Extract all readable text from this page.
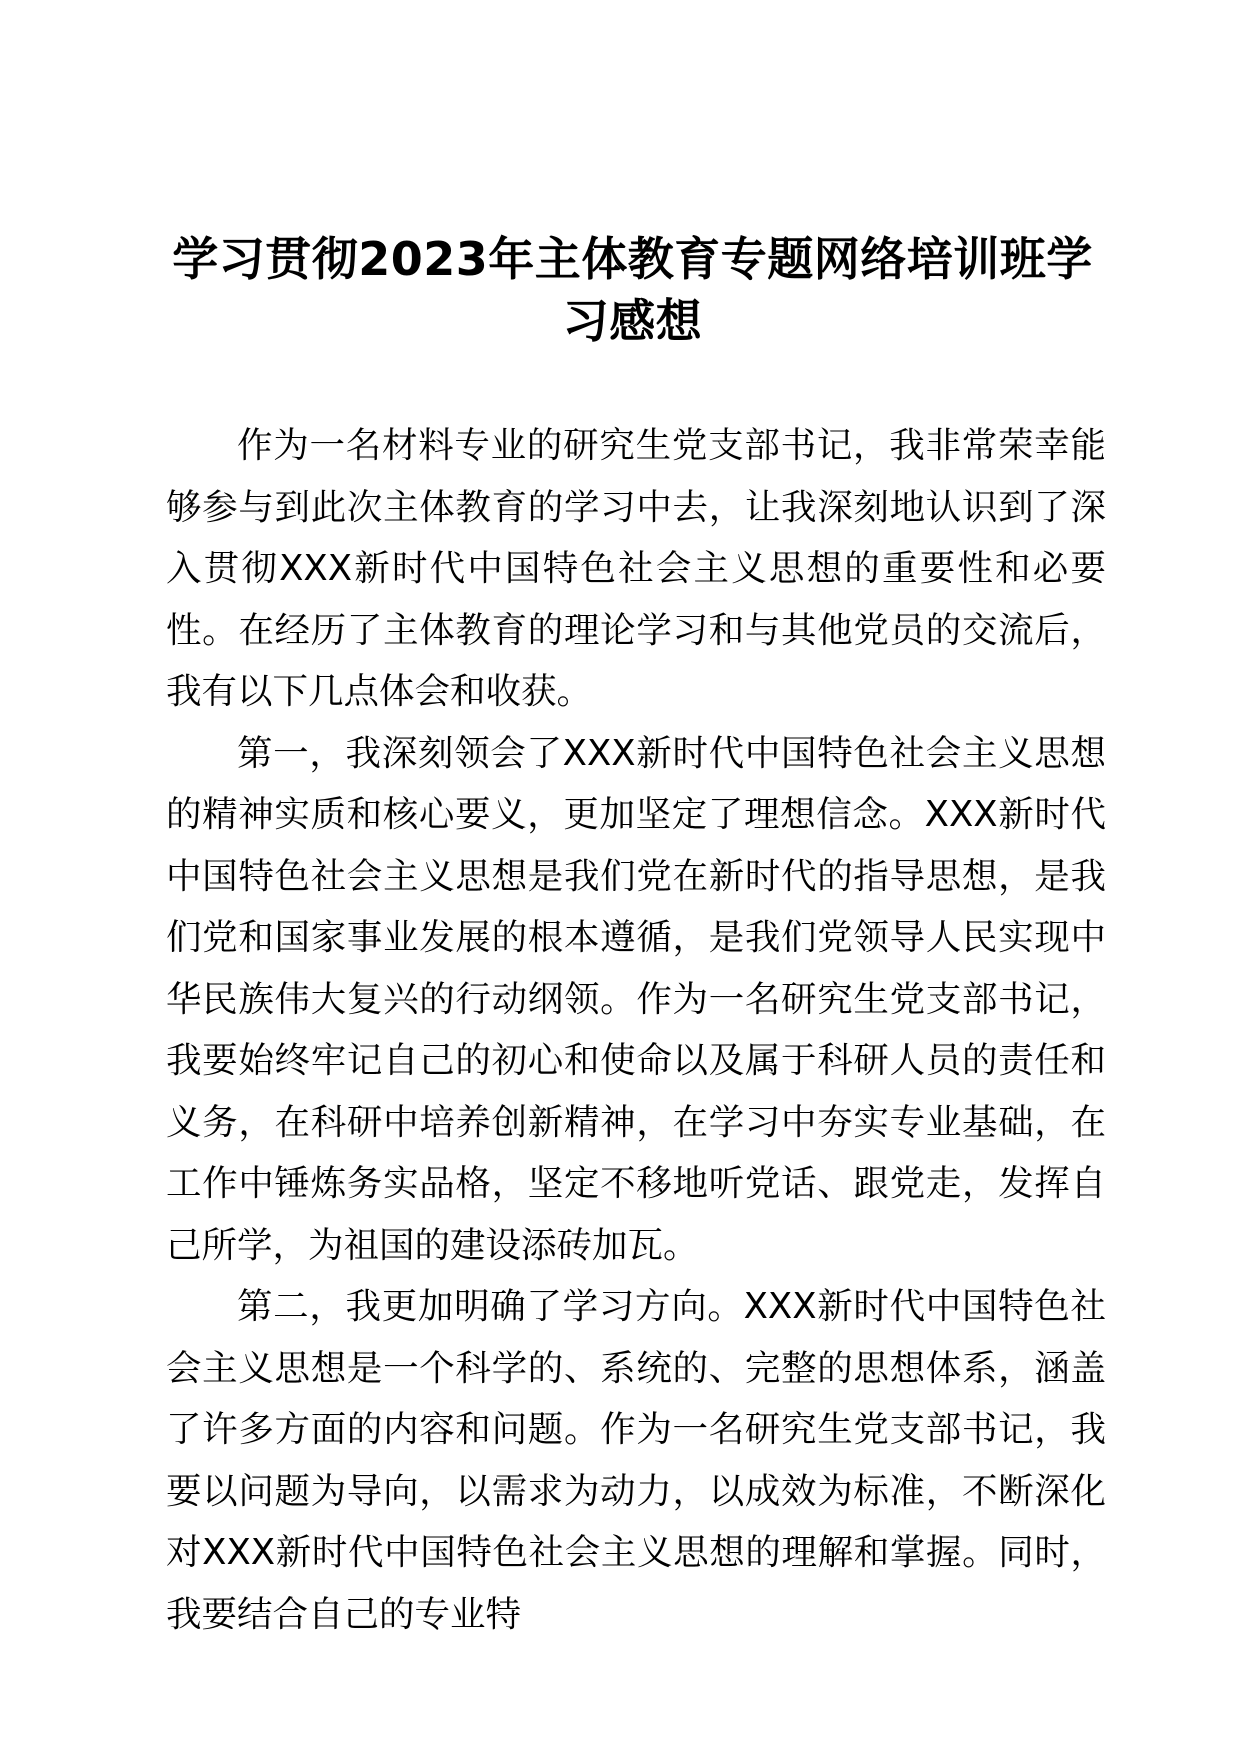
学习贯彻2023年主体教育专题网络培训班学习感想

作为一名材料专业的研究生党支部书记，我非常荣幸能够参与到此次主体教育的学习中去，让我深刻地认识到了深入贯彻XXX新时代中国特色社会主义思想的重要性和必要性。在经历了主体教育的理论学习和与其他党员的交流后，我有以下几点体会和收获。

第一，我深刻领会了XXX新时代中国特色社会主义思想的精神实质和核心要义，更加坚定了理想信念。XXX新时代中国特色社会主义思想是我们党在新时代的指导思想，是我们党和国家事业发展的根本遵循，是我们党领导人民实现中华民族伟大复兴的行动纲领。作为一名研究生党支部书记，我要始终牢记自己的初心和使命以及属于科研人员的责任和义务，在科研中培养创新精神，在学习中夯实专业基础，在工作中锤炼务实品格，坚定不移地听党话、跟党走，发挥自己所学，为祖国的建设添砖加瓦。

第二，我更加明确了学习方向。XXX新时代中国特色社会主义思想是一个科学的、系统的、完整的思想体系，涵盖了许多方面的内容和问题。作为一名研究生党支部书记，我要以问题为导向，以需求为动力，以成效为标准，不断深化对XXX新时代中国特色社会主义思想的理解和掌握。同时，我要结合自己的专业特
